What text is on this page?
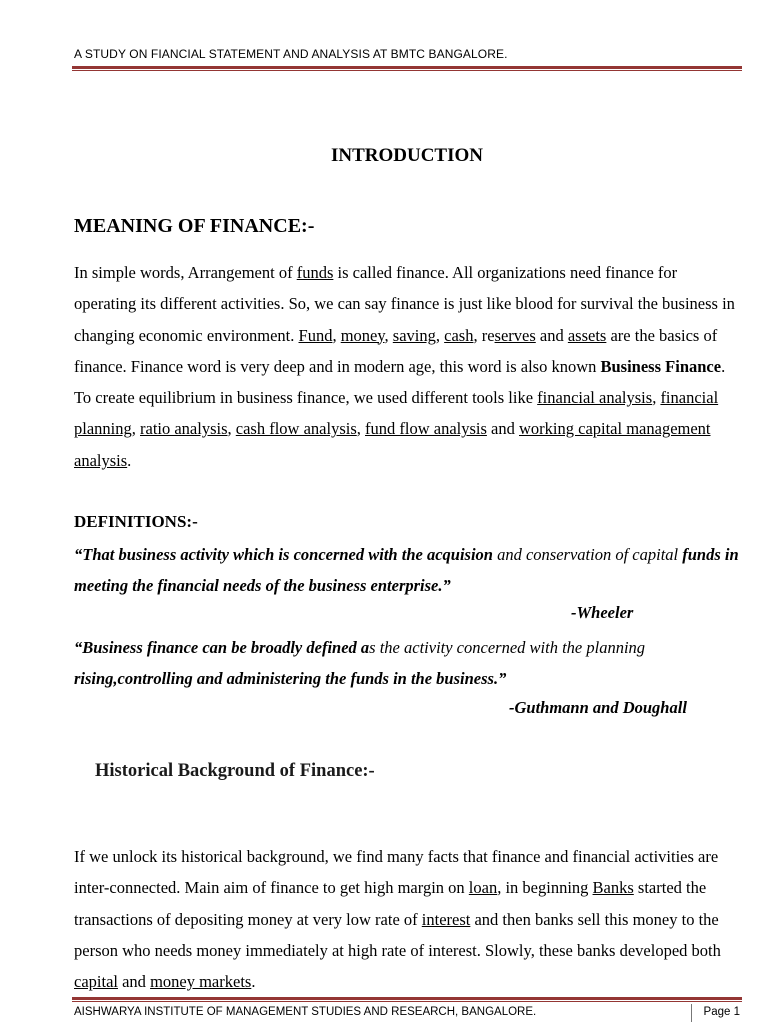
A STUDY ON FIANCIAL STATEMENT AND ANALYSIS AT BMTC BANGALORE.
INTRODUCTION
MEANING OF FINANCE:-

In simple words, Arrangement of funds is called finance. All organizations need finance for operating its different activities. So, we can say finance is just like blood for survival the business in changing economic environment. Fund, money, saving, cash, reserves and assets are the basics of finance. Finance word is very deep and in modern age, this word is also known Business Finance. To create equilibrium in business finance, we used different tools like financial analysis, financial planning, ratio analysis, cash flow analysis, fund flow analysis and working capital management analysis.

DEFINITIONS:-
“That business activity which is concerned with the acquision and conservation of capital funds in meeting the financial needs of the business enterprise.”
-Wheeler
“Business finance can be broadly defined as the activity concerned with the planning rising,controlling and administering the funds in the business.”
-Guthmann and Doughall
Historical Background of Finance:-

If we unlock its historical background, we find many facts that finance and financial activities are inter-connected. Main aim of finance to get high margin on loan, in beginning Banks started the transactions of depositing money at very low rate of interest and then banks sell this money to the person who needs money immediately at high rate of interest. Slowly, these banks developed both capital and money markets.

AISHWARYA INSTITUTE OF MANAGEMENT STUDIES AND RESEARCH, BANGALORE.	Page 1
